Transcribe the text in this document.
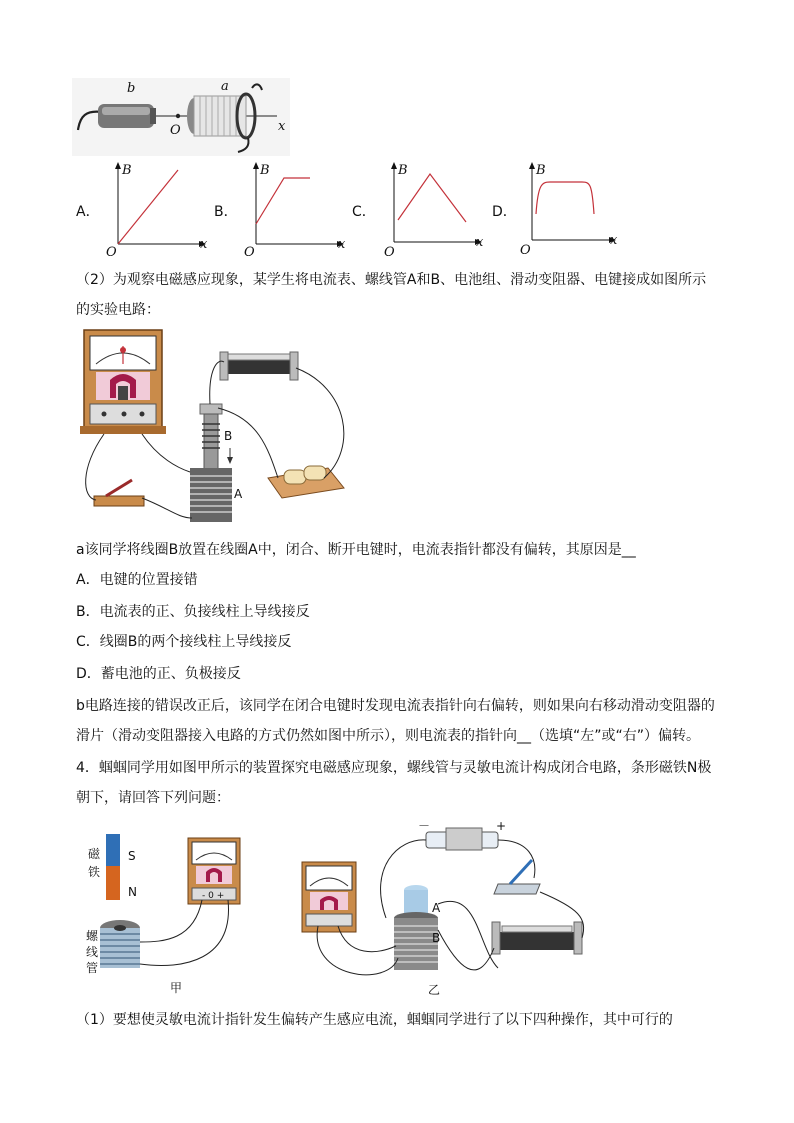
b	a
O	x
A．
B
x
O
B．
B
x
O
C．
B
x
O
D．
B
x
O
（2）为观察电磁感应现象，某学生将电流表、螺线管A和B、电池组、滑动变阻器、电键接成如图所示
的实验电路：
B
A
a该同学将线圈B放置在线圈A中，闭合、断开电键时，电流表指针都没有偏转，其原因是__
A．电键的位置接错
B．电流表的正、负接线柱上导线接反
C．线圈B的两个接线柱上导线接反
D．蓄电池的正、负极接反
b电路连接的错误改正后，该同学在闭合电键时发现电流表指针向右偏转，则如果向右移动滑动变阻器的
滑片（滑动变阻器接入电路的方式仍然如图中所示），则电流表的指针向__（选填“左”或“右”）偏转。
4．蝈蝈同学用如图甲所示的装置探究电磁感应现象，螺线管与灵敏电流计构成闭合电路，条形磁铁N极
朝下，请回答下列问题：
磁
铁
S
N
螺
线
管
- 0 +
甲
A
B
－	+
乙
（1）要想使灵敏电流计指针发生偏转产生感应电流，蝈蝈同学进行了以下四种操作，其中可行的
